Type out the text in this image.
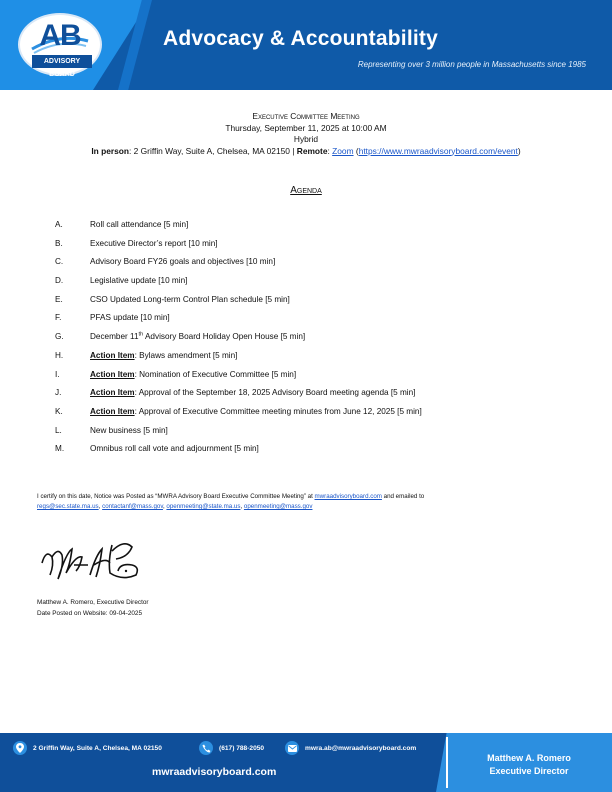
AB
ADVISORY BOARD
Advocacy & Accountability
Representing over 3 million people in Massachusetts since 1985
Executive Committee Meeting
Thursday, September 11, 2025 at 10:00 AM
Hybrid
In person: 2 Griffin Way, Suite A, Chelsea, MA 02150 | Remote: Zoom (https://www.mwraadvisoryboard.com/event)
Agenda
A.	Roll call attendance [5 min]
B.	Executive Director’s report [10 min]
C.	Advisory Board FY26 goals and objectives [10 min]
D.	Legislative update [10 min]
E.	CSO Updated Long-term Control Plan schedule [5 min]
F.	PFAS update [10 min]
G.	December 11th Advisory Board Holiday Open House [5 min]
H.	Action Item: Bylaws amendment [5 min]
I.	Action Item: Nomination of Executive Committee [5 min]
J.	Action Item: Approval of the September 18, 2025 Advisory Board meeting agenda [5 min]
K.	Action Item: Approval of Executive Committee meeting minutes from June 12, 2025 [5 min]
L.	New business [5 min]
M.	Omnibus roll call vote and adjournment [5 min]
I certify on this date, Notice was Posted as “MWRA Advisory Board Executive Committee Meeting” at mwraadvisoryboard.com and emailed to
regs@sec.state.ma.us, contactanf@mass.gov, openmeeting@state.ma.us, openmeeting@mass.gov
Matthew A. Romero, Executive Director
Date Posted on Website: 09-04-2025
2 Griffin Way, Suite A, Chelsea, MA 02150	(617) 788-2050	mwra.ab@mwraadvisoryboard.com
mwraadvisoryboard.com
Matthew A. Romero
Executive Director
